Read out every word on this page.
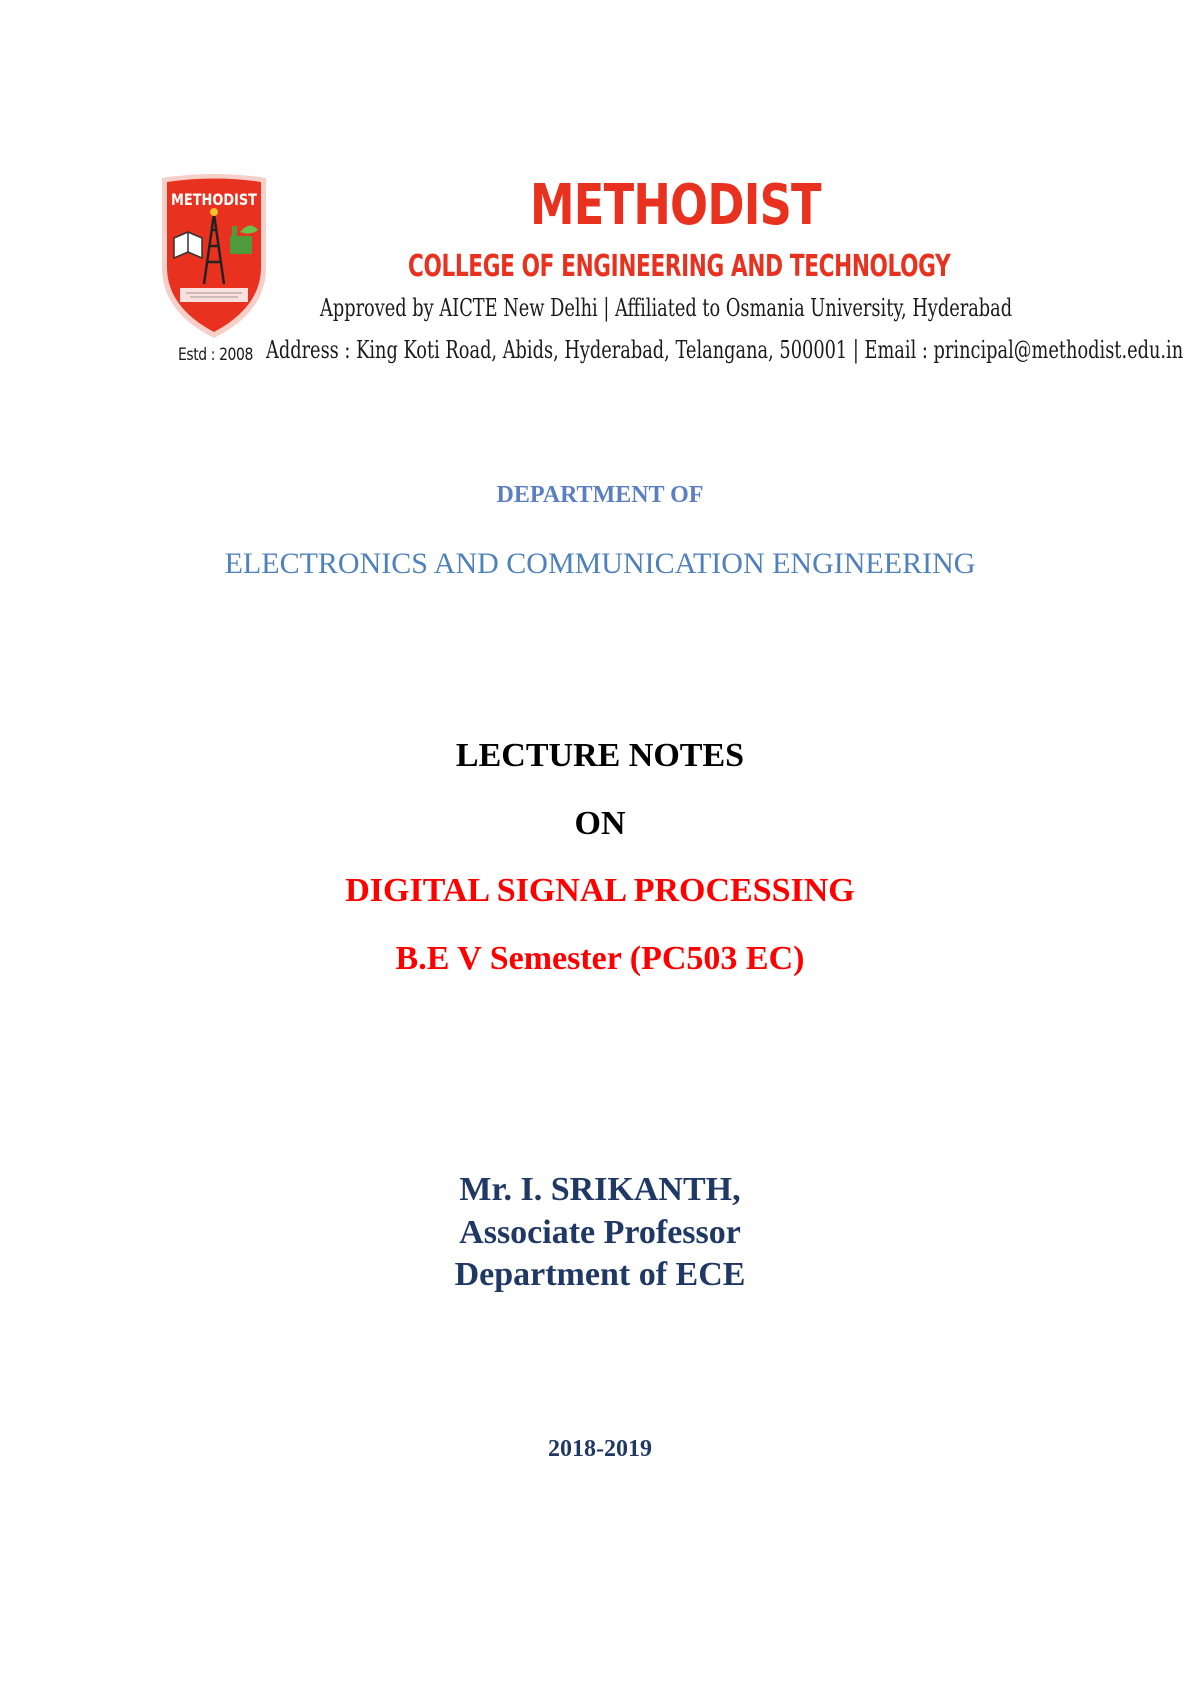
METHODIST
Estd : 2008
METHODIST
COLLEGE OF ENGINEERING AND TECHNOLOGY
Approved by AICTE New Delhi | Affiliated to Osmania University, Hyderabad
Address : King Koti Road, Abids, Hyderabad, Telangana, 500001 | Email : principal@methodist.edu.in
DEPARTMENT OF
ELECTRONICS AND COMMUNICATION ENGINEERING
LECTURE NOTES
ON
DIGITAL SIGNAL PROCESSING
B.E V Semester (PC503 EC)
Mr. I. SRIKANTH,
Associate Professor
Department of ECE
2018-2019
